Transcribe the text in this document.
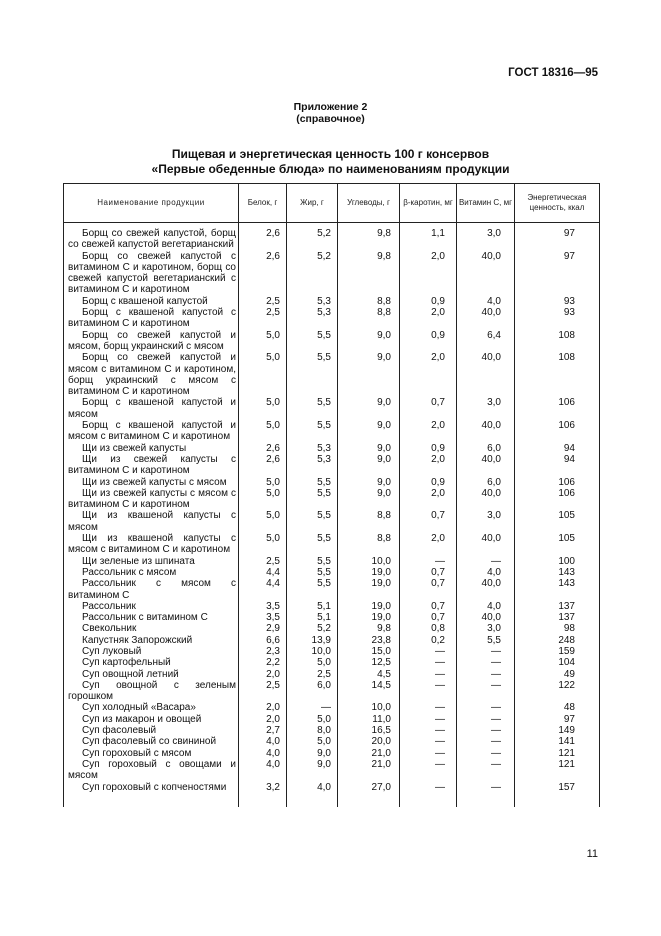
ГОСТ 18316—95
Приложение 2
(справочное)
Пищевая и энергетическая ценность 100 г консервов
«Первые обеденные блюда» по наименованиям продукции
Наименование продукции	Белок, г	Жир, г	Углеводы, г	β-каротин, мг	Витамин С, мг	Энергетическая ценность, ккал

Борщ со свежей капустой, борщ со свежей капустой вегетарианский	2,6	5,2	9,8	1,1	3,0	97
Борщ со свежей капустой с витамином С и каротином, борщ со свежей капустой вегетарианский с витамином С и каротином	2,6	5,2	9,8	2,0	40,0	97
Борщ с квашеной капустой	2,5	5,3	8,8	0,9	4,0	93
Борщ с квашеной капустой с витамином С и каротином	2,5	5,3	8,8	2,0	40,0	93
Борщ со свежей капустой и мясом, борщ украинский с мясом	5,0	5,5	9,0	0,9	6,4	108
Борщ со свежей капустой и мясом с витамином С и каротином, борщ украинский с мясом с витамином С и каротином	5,0	5,5	9,0	2,0	40,0	108
Борщ с квашеной капустой и мясом	5,0	5,5	9,0	0,7	3,0	106
Борщ с квашеной капустой и мясом с витамином С и каротином	5,0	5,5	9,0	2,0	40,0	106
Щи из свежей капусты	2,6	5,3	9,0	0,9	6,0	94
Щи из свежей капусты с витамином С и каротином	2,6	5,3	9,0	2,0	40,0	94
Щи из свежей капусты с мясом	5,0	5,5	9,0	0,9	6,0	106
Щи из свежей капусты с мясом с витамином С и каротином	5,0	5,5	9,0	2,0	40,0	106
Щи из квашеной капусты с мясом	5,0	5,5	8,8	0,7	3,0	105
Щи из квашеной капусты с мясом с витамином С и каротином	5,0	5,5	8,8	2,0	40,0	105
Щи зеленые из шпината	2,5	5,5	10,0	—	—	100
Рассольник с мясом	4,4	5,5	19,0	0,7	4,0	143
Рассольник с мясом с витамином С	4,4	5,5	19,0	0,7	40,0	143
Рассольник	3,5	5,1	19,0	0,7	4,0	137
Рассольник с витамином С	3,5	5,1	19,0	0,7	40,0	137
Свекольник	2,9	5,2	9,8	0,8	3,0	98
Капустняк Запорожский	6,6	13,9	23,8	0,2	5,5	248
Суп луковый	2,3	10,0	15,0	—	—	159
Суп картофельный	2,2	5,0	12,5	—	—	104
Суп овощной летний	2,0	2,5	4,5	—	—	49
Суп овощной с зеленым горошком	2,5	6,0	14,5	—	—	122
Суп холодный «Васара»	2,0	—	10,0	—	—	48
Суп из макарон и овощей	2,0	5,0	11,0	—	—	97
Суп фасолевый	2,7	8,0	16,5	—	—	149
Суп фасолевый со свининой	4,0	5,0	20,0	—	—	141
Суп гороховый с мясом	4,0	9,0	21,0	—	—	121
Суп гороховый с овощами и мясом	4,0	9,0	21,0	—	—	121
Суп гороховый с копченостями	3,2	4,0	27,0	—	—	157
11
